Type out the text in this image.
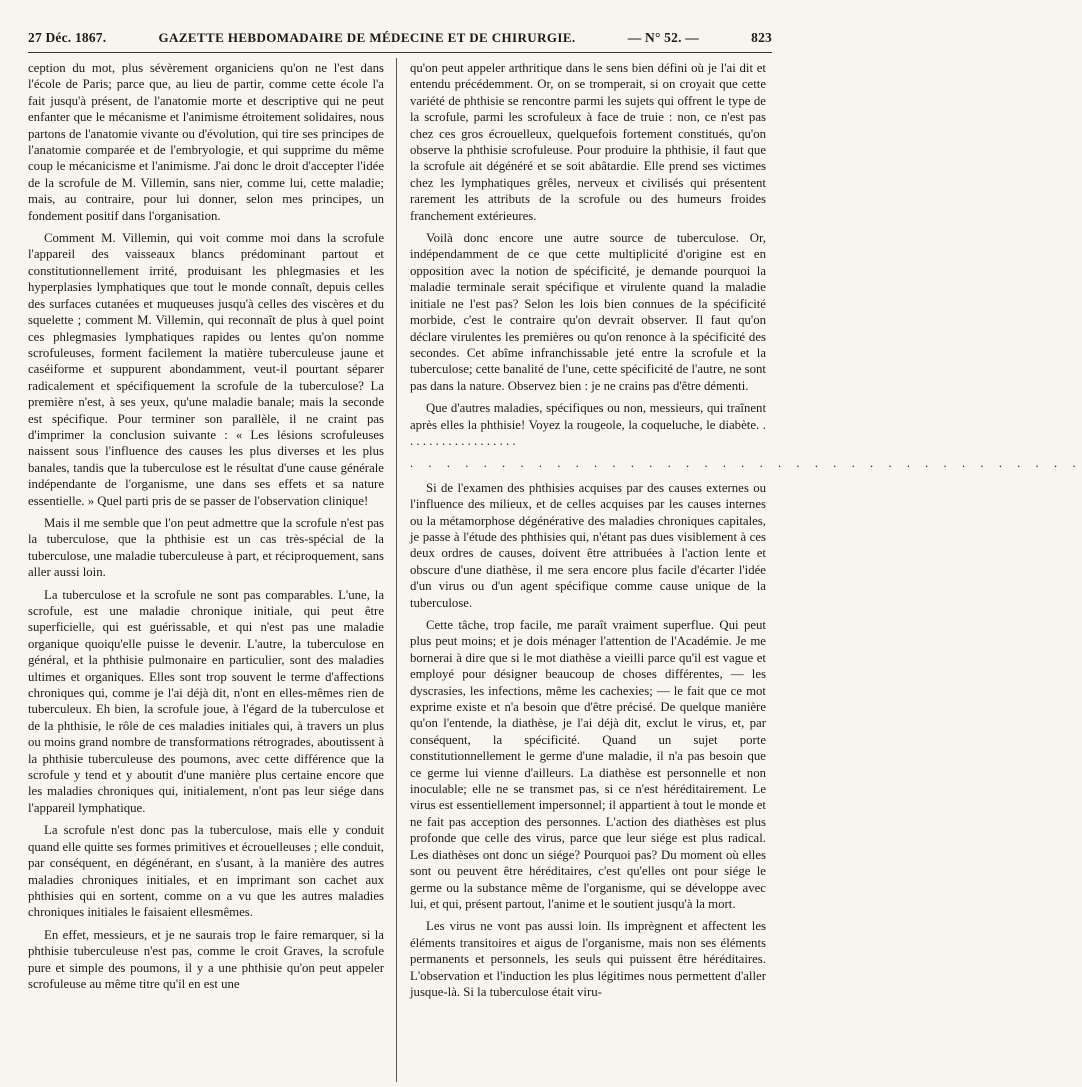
27 Déc. 1867.	GAZETTE HEBDOMADAIRE DE MÉDECINE ET DE CHIRURGIE.	— N° 52. —	823

ception du mot, plus sévèrement organiciens qu'on ne l'est dans l'école de Paris; parce que, au lieu de partir, comme cette école l'a fait jusqu'à présent, de l'anatomie morte et descriptive qui ne peut enfanter que le mécanisme et l'animisme étroitement solidaires, nous partons de l'anatomie vivante ou d'évolution, qui tire ses principes de l'anatomie comparée et de l'embryologie, et qui supprime du même coup le mécanicisme et l'animisme. J'ai donc le droit d'accepter l'idée de la scrofule de M. Villemin, sans nier, comme lui, cette maladie; mais, au contraire, pour lui donner, selon mes principes, un fondement positif dans l'organisation.

Comment M. Villemin, qui voit comme moi dans la scrofule l'appareil des vaisseaux blancs prédominant partout et constitutionnellement irrité, produisant les phlegmasies et les hyperplasies lymphatiques que tout le monde connaît, depuis celles des surfaces cutanées et muqueuses jusqu'à celles des viscères et du squelette ; comment M. Villemin, qui reconnaît de plus à quel point ces phlegmasies lymphatiques rapides ou lentes qu'on nomme scrofuleuses, forment facilement la matière tuberculeuse jaune et caséiforme et suppurent abondamment, veut-il pourtant séparer radicalement et spécifiquement la scrofule de la tuberculose? La première n'est, à ses yeux, qu'une maladie banale; mais la seconde est spécifique. Pour terminer son parallèle, il ne craint pas d'imprimer la conclusion suivante : « Les lésions scrofuleuses naissent sous l'influence des causes les plus diverses et les plus banales, tandis que la tuberculose est le résultat d'une cause générale indépendante de l'organisme, une dans ses effets et sa nature essentielle. » Quel parti pris de se passer de l'observation clinique!

Mais il me semble que l'on peut admettre que la scrofule n'est pas la tuberculose, que la phthisie est un cas très-spécial de la tuberculose, une maladie tuberculeuse à part, et réciproquement, sans aller aussi loin.

La tuberculose et la scrofule ne sont pas comparables. L'une, la scrofule, est une maladie chronique initiale, qui peut être superficielle, qui est guérissable, et qui n'est pas une maladie organique quoiqu'elle puisse le devenir. L'autre, la tuberculose en général, et la phthisie pulmonaire en particulier, sont des maladies ultimes et organiques. Elles sont trop souvent le terme d'affections chroniques qui, comme je l'ai déjà dit, n'ont en elles-mêmes rien de tuberculeux. Eh bien, la scrofule joue, à l'égard de la tuberculose et de la phthisie, le rôle de ces maladies initiales qui, à travers un plus ou moins grand nombre de transformations rétrogrades, aboutissent à la phthisie tuberculeuse des poumons, avec cette différence que la scrofule y tend et y aboutit d'une manière plus certaine encore que les maladies chroniques qui, initialement, n'ont pas leur siége dans l'appareil lymphatique.

La scrofule n'est donc pas la tuberculose, mais elle y conduit quand elle quitte ses formes primitives et écrouelleuses ; elle conduit, par conséquent, en dégénérant, en s'usant, à la manière des autres maladies chroniques initiales, et en imprimant son cachet aux phthisies qui en sortent, comme on a vu que les autres maladies chroniques initiales le faisaient ellesmêmes.

En effet, messieurs, et je ne saurais trop le faire remarquer, si la phthisie tuberculeuse n'est pas, comme le croit Graves, la scrofule pure et simple des poumons, il y a une phthisie qu'on peut appeler scrofuleuse au même titre qu'il en est une

qu'on peut appeler arthritique dans le sens bien défini où je l'ai dit et entendu précédemment. Or, on se tromperait, si on croyait que cette variété de phthisie se rencontre parmi les sujets qui offrent le type de la scrofule, parmi les scrofuleux à face de truie : non, ce n'est pas chez ces gros écrouelleux, quelquefois fortement constitués, qu'on observe la phthisie scrofuleuse. Pour produire la phthisie, il faut que la scrofule ait dégénéré et se soit abâtardie. Elle prend ses victimes chez les lymphatiques grêles, nerveux et civilisés qui présentent rarement les attributs de la scrofule ou des humeurs froides franchement extérieures.

Voilà donc encore une autre source de tuberculose. Or, indépendamment de ce que cette multiplicité d'origine est en opposition avec la notion de spécificité, je demande pourquoi la maladie terminale serait spécifique et virulente quand la maladie initiale ne l'est pas? Selon les lois bien connues de la spécificité morbide, c'est le contraire qu'on devrait observer. Il faut qu'on déclare virulentes les premières ou qu'on renonce à la spécificité des secondes. Cet abîme infranchissable jeté entre la scrofule et la tuberculose; cette banalité de l'une, cette spécificité de l'autre, ne sont pas dans la nature. Observez bien : je ne crains pas d'être démenti.

Que d'autres maladies, spécifiques ou non, messieurs, qui traînent après elles la phthisie! Voyez la rougeole, la coqueluche, le diabète. . . . . . . . . . . . . . . . . . .

. . . . . . . . . . . . . . . . . . . . . . . . . . . . . . . . . . . . .

Si de l'examen des phthisies acquises par des causes externes ou l'influence des milieux, et de celles acquises par les causes internes ou la métamorphose dégénérative des maladies chroniques capitales, je passe à l'étude des phthisies qui, n'étant pas dues visiblement à ces deux ordres de causes, doivent être attribuées à l'action lente et obscure d'une diathèse, il me sera encore plus facile d'écarter l'idée d'un virus ou d'un agent spécifique comme cause unique de la tuberculose.

Cette tâche, trop facile, me paraît vraiment superflue. Qui peut plus peut moins; et je dois ménager l'attention de l'Académie. Je me bornerai à dire que si le mot diathèse a vieilli parce qu'il est vague et employé pour désigner beaucoup de choses différentes, — les dyscrasies, les infections, même les cachexies; — le fait que ce mot exprime existe et n'a besoin que d'être précisé. De quelque manière qu'on l'entende, la diathèse, je l'ai déjà dit, exclut le virus, et, par conséquent, la spécificité. Quand un sujet porte constitutionnellement le germe d'une maladie, il n'a pas besoin que ce germe lui vienne d'ailleurs. La diathèse est personnelle et non inoculable; elle ne se transmet pas, si ce n'est héréditairement. Le virus est essentiellement impersonnel; il appartient à tout le monde et ne fait pas acception des personnes. L'action des diathèses est plus profonde que celle des virus, parce que leur siége est plus radical. Les diathèses ont donc un siége? Pourquoi pas? Du moment où elles sont ou peuvent être héréditaires, c'est qu'elles ont pour siége le germe ou la substance même de l'organisme, qui se développe avec lui, et qui, présent partout, l'anime et le soutient jusqu'à la mort.

Les virus ne vont pas aussi loin. Ils imprègnent et affectent les éléments transitoires et aigus de l'organisme, mais non ses éléments permanents et personnels, les seuls qui puissent être héréditaires. L'observation et l'induction les plus légitimes nous permettent d'aller jusque-là. Si la tuberculose était viru-
